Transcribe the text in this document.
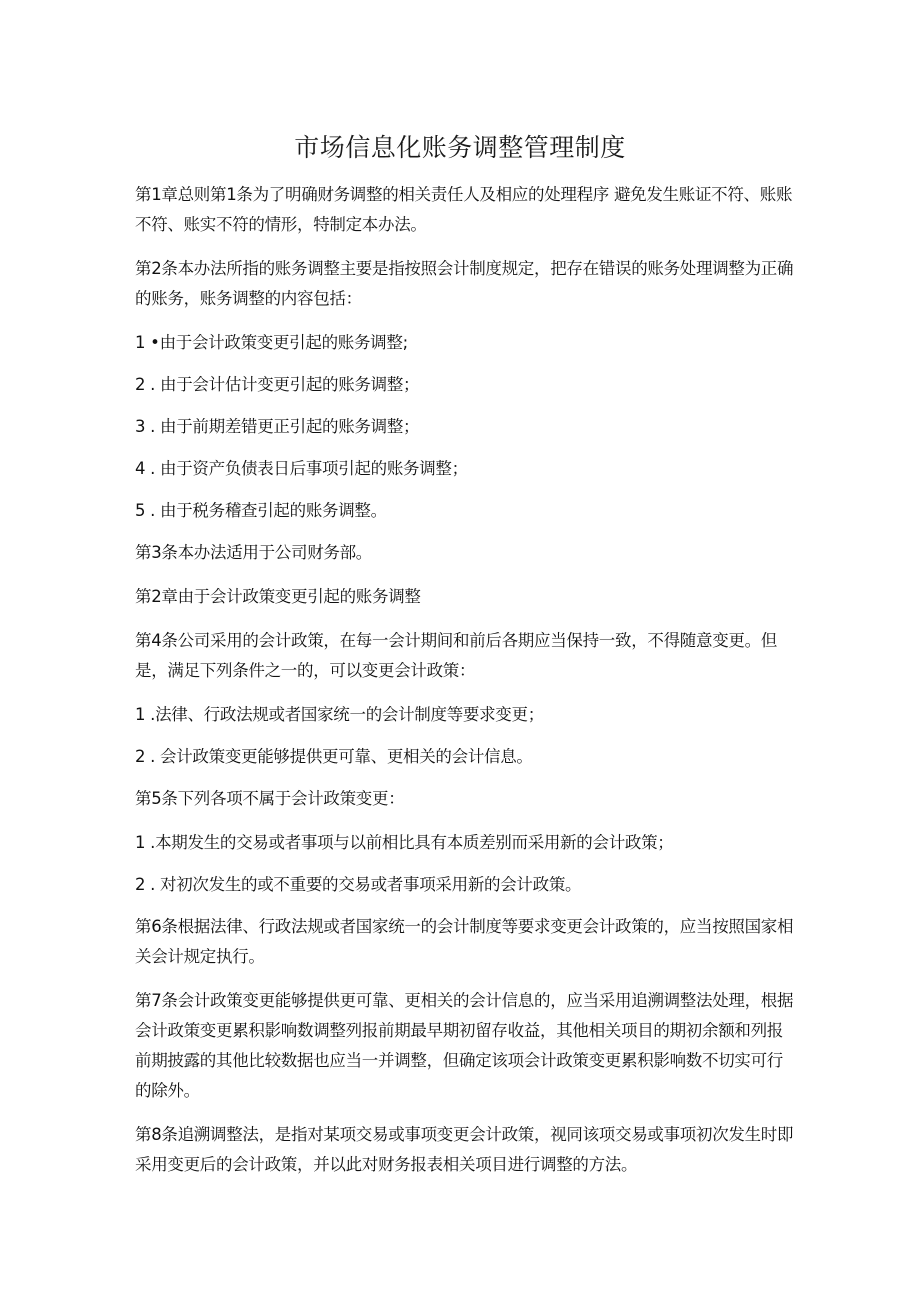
市场信息化账务调整管理制度

第1章总则第1条为了明确财务调整的相关责任人及相应的处理程序 避免发生账证不符、账账不符、账实不符的情形，特制定本办法。

第2条本办法所指的账务调整主要是指按照会计制度规定，把存在错误的账务处理调整为正确的账务，账务调整的内容包括：

1 •由于会计政策变更引起的账务调整;

2 . 由于会计估计变更引起的账务调整；

3 . 由于前期差错更正引起的账务调整；

4 . 由于资产负债表日后事项引起的账务调整；

5 . 由于税务稽查引起的账务调整。

第3条本办法适用于公司财务部。

第2章由于会计政策变更引起的账务调整

第4条公司采用的会计政策，在每一会计期间和前后各期应当保持一致，不得随意变更。但是，满足下列条件之一的，可以变更会计政策：

1 .法律、行政法规或者国家统一的会计制度等要求变更；

2 . 会计政策变更能够提供更可靠、更相关的会计信息。

第5条下列各项不属于会计政策变更：

1 .本期发生的交易或者事项与以前相比具有本质差别而采用新的会计政策；

2 . 对初次发生的或不重要的交易或者事项采用新的会计政策。

第6条根据法律、行政法规或者国家统一的会计制度等要求变更会计政策的，应当按照国家相关会计规定执行。

第7条会计政策变更能够提供更可靠、更相关的会计信息的，应当采用追溯调整法处理，根据会计政策变更累积影响数调整列报前期最早期初留存收益，其他相关项目的期初余额和列报前期披露的其他比较数据也应当一并调整，但确定该项会计政策变更累积影响数不切实可行的除外。

第8条追溯调整法，是指对某项交易或事项变更会计政策，视同该项交易或事项初次发生时即采用变更后的会计政策，并以此对财务报表相关项目进行调整的方法。
